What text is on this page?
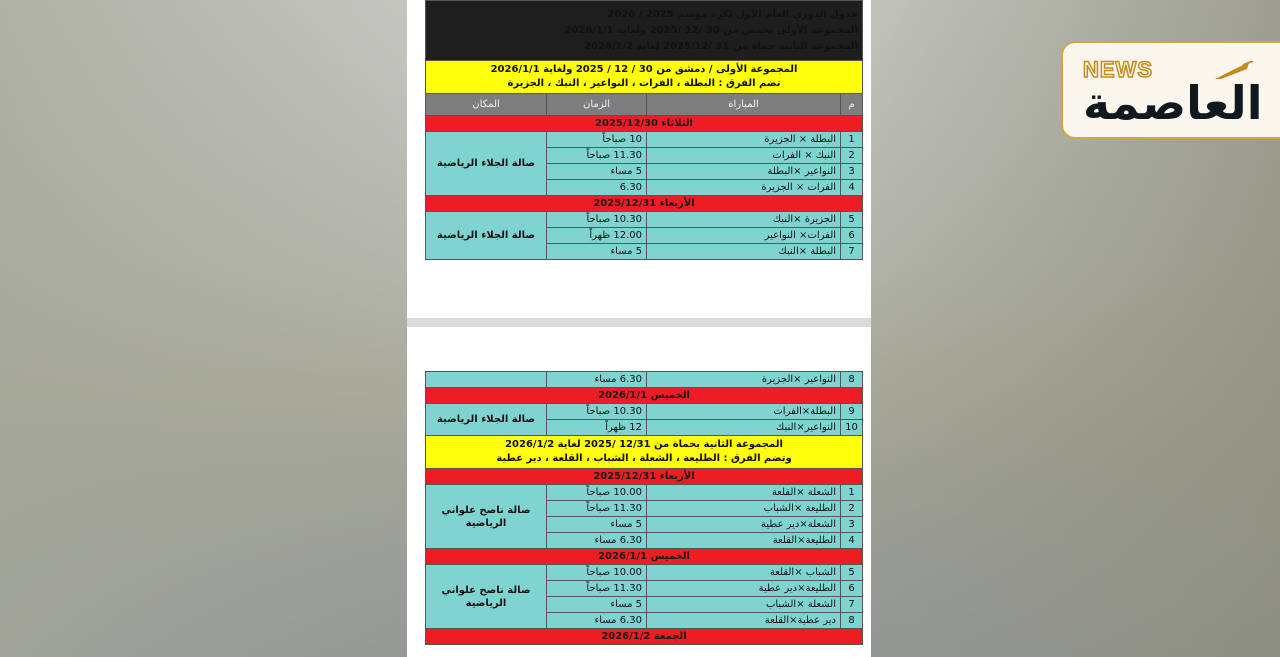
جدول الدوري العام الأول لكرة موسم 2025 / 2026
المجموعة الأولى بحمص من 30 /12 /2025 ولغاية 2026/1/1
المجموعة الثانية حماة من 31 /2025/12 لغاية 2026/1/2			

المجموعة الأولى / دمشق من 30 / 12 / 2025 ولغاية 2026/1/1
تضم الفرق : البطلة ، الفرات ، النواعير ، النبك ، الجزيرة			

م	المباراة	الزمان	المكان
الثلاثاء 2025/12/30			
1	البطلة × الجزيرة	10 صباحاً	صالة الجلاء الرياضية
2	النبك × الفرات	11.30 صباحاً	
3	النواعير ×البطلة	5 مساء	
4	الفرات × الجزيرة	6.30	
الأربعاء 2025/12/31			
5	الجزيرة ×النبك	10.30 صباحاً	صالة الجلاء الرياضية
6	الفرات× النواعير	12.00 ظهراً	
7	البطلة ×النبك	5 مساء	
8	النواعير ×الجزيرة	6.30 مساء	
الخميس 2026/1/1			
9	البطلة×الفرات	10.30 صباحاً	صالة الجلاء الرياضية
10	النواعير×النبك	12 ظهراً	

المجموعة الثانية بحماة من 12/31 /2025 لغاية 2026/1/2
وتضم الفرق : الطليعة ، الشعلة ، الشباب ، القلعة ، دير عطية			

الأربعاء 2025/12/31			
1	الشعلة ×القلعة	10.00 صباحاً	صالة ناصح علواني الرياضية
2	الطليعة ×الشباب	11.30 صباحاً	
3	الشعلة×دير عطية	5 مساء	
4	الطليعة×القلعة	6.30 مساء	
الخميس 2026/1/1			
5	الشباب ×القلعة	10.00 صباحاً	صالة ناصح علواني الرياضية
6	الطليعة×دير عطية	11.30 صباحاً	
7	الشعلة ×الشباب	5 مساء	
8	دير عطية×القلعة	6.30 مساء	
الجمعة 2026/1/2			
NEWS
العاصمة
